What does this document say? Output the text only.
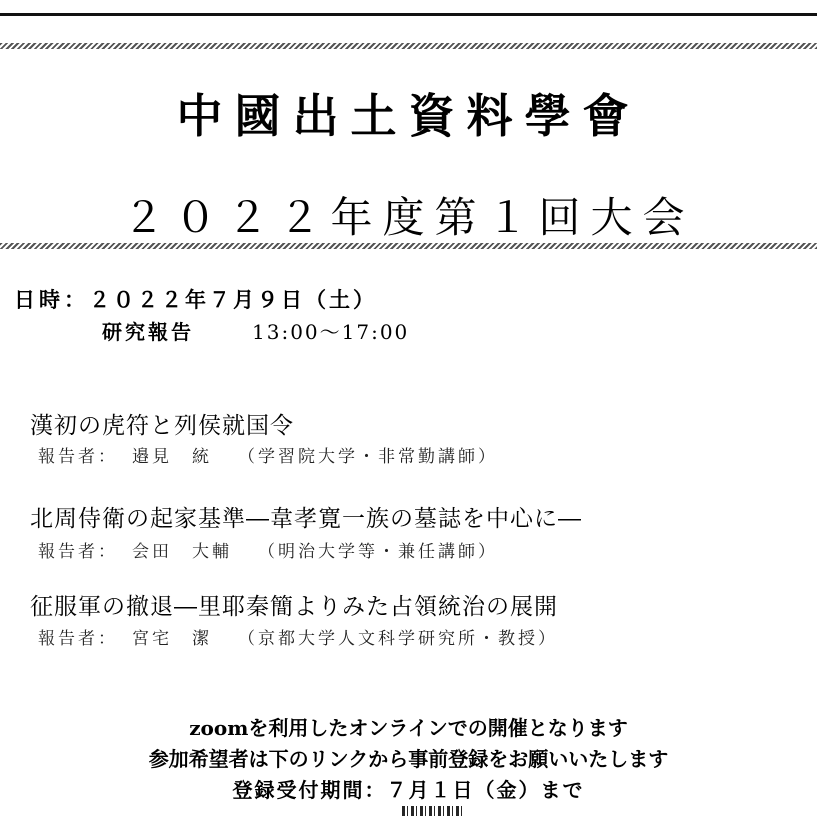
中國出土資料學會
２０２２年度第１回大会
日時：２０２２年７月９日（土）
研究報告	13:00～17:00
漢初の虎符と列侯就国令
報告者： 邉見　統 （学習院大学・非常勤講師）
北周侍衛の起家基準―韋孝寛一族の墓誌を中心に―
報告者： 会田　大輔 （明治大学等・兼任講師）
征服軍の撤退―里耶秦簡よりみた占領統治の展開
報告者： 宮宅　潔 （京都大学人文科学研究所・教授）
zoomを利用したオンラインでの開催となります
参加希望者は下のリンクから事前登録をお願いいたします
登録受付期間：７月１日（金）まで
